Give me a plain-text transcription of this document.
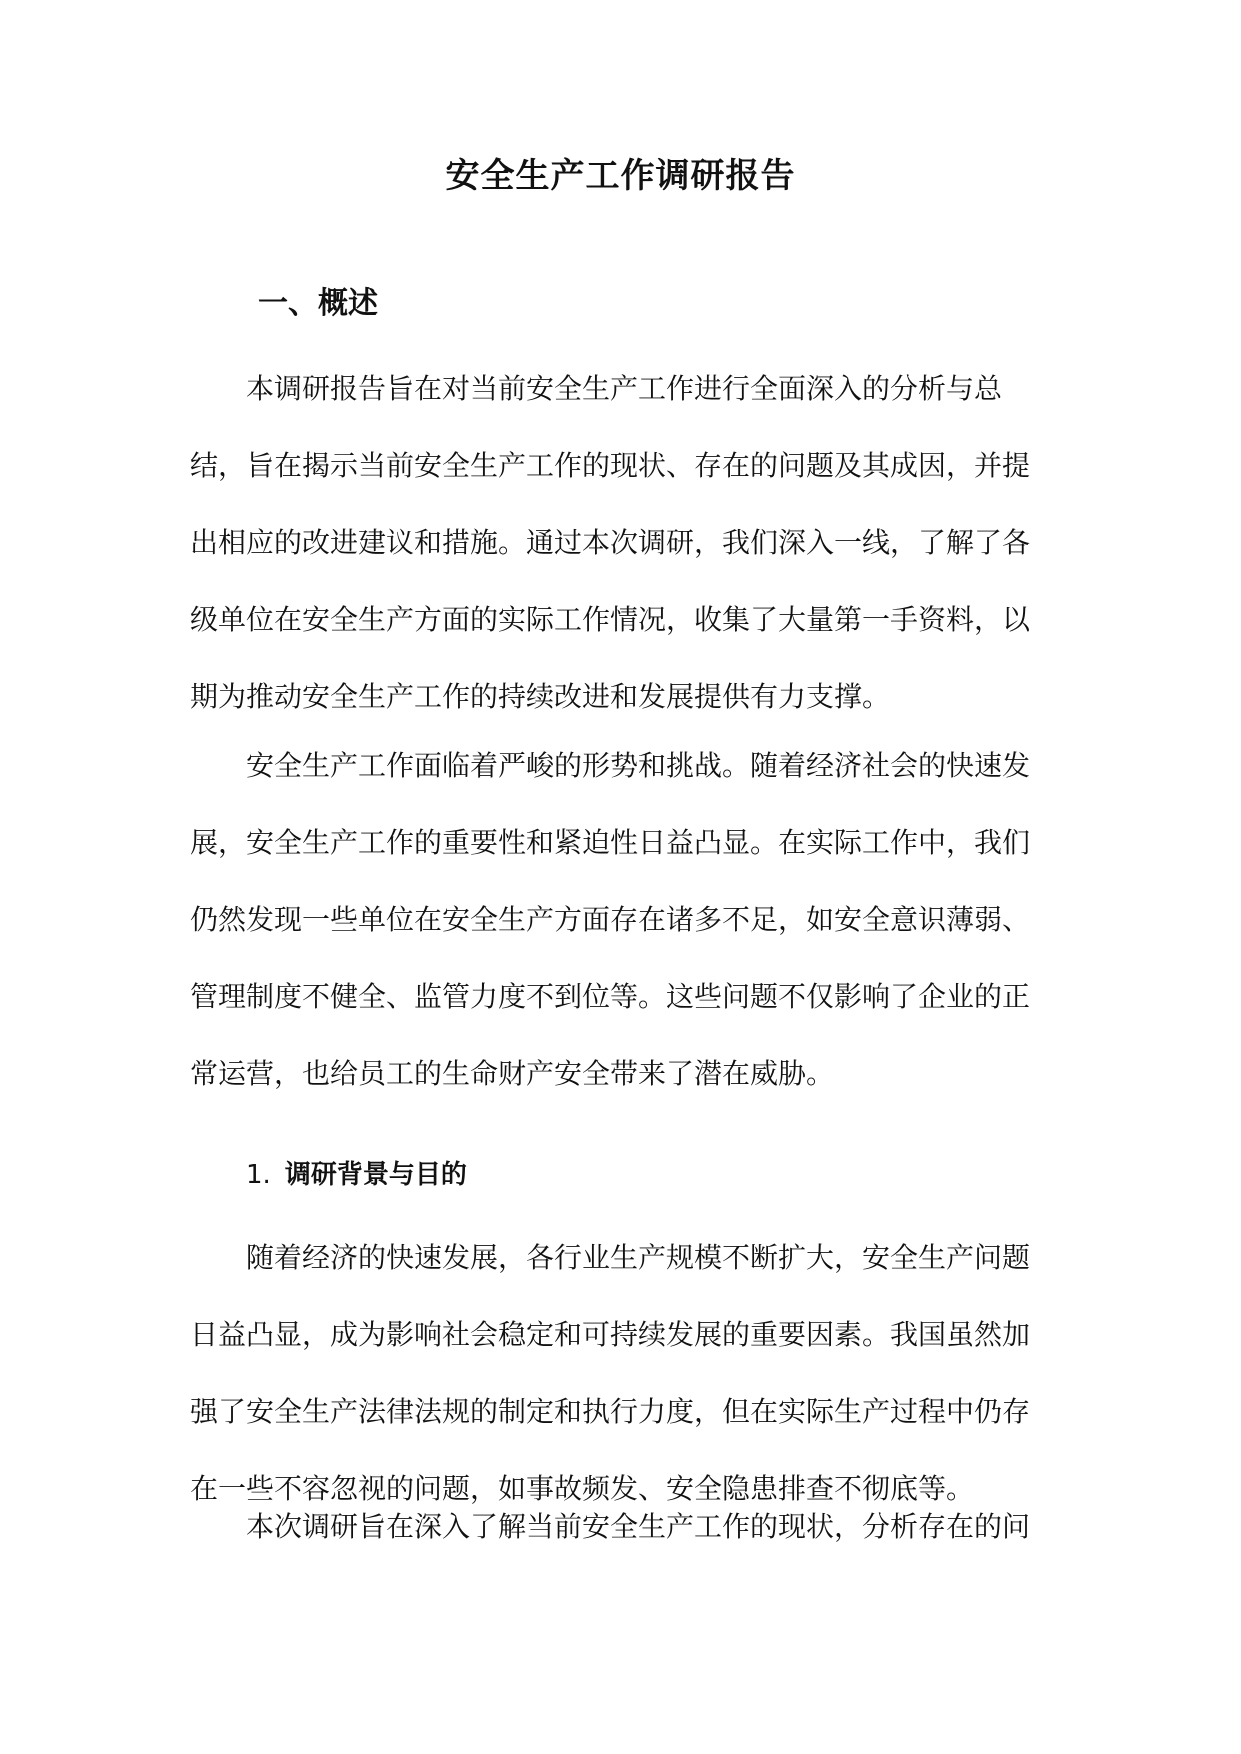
安全生产工作调研报告
一、概述
本调研报告旨在对当前安全生产工作进行全面深入的分析与总
结，旨在揭示当前安全生产工作的现状、存在的问题及其成因，并提
出相应的改进建议和措施。通过本次调研，我们深入一线，了解了各
级单位在安全生产方面的实际工作情况，收集了大量第一手资料，以
期为推动安全生产工作的持续改进和发展提供有力支撑。
安全生产工作面临着严峻的形势和挑战。随着经济社会的快速发
展，安全生产工作的重要性和紧迫性日益凸显。在实际工作中，我们
仍然发现一些单位在安全生产方面存在诸多不足，如安全意识薄弱、
管理制度不健全、监管力度不到位等。这些问题不仅影响了企业的正
常运营，也给员工的生命财产安全带来了潜在威胁。
1. 调研背景与目的
随着经济的快速发展，各行业生产规模不断扩大，安全生产问题
日益凸显，成为影响社会稳定和可持续发展的重要因素。我国虽然加
强了安全生产法律法规的制定和执行力度，但在实际生产过程中仍存
在一些不容忽视的问题，如事故频发、安全隐患排查不彻底等。
本次调研旨在深入了解当前安全生产工作的现状，分析存在的问
